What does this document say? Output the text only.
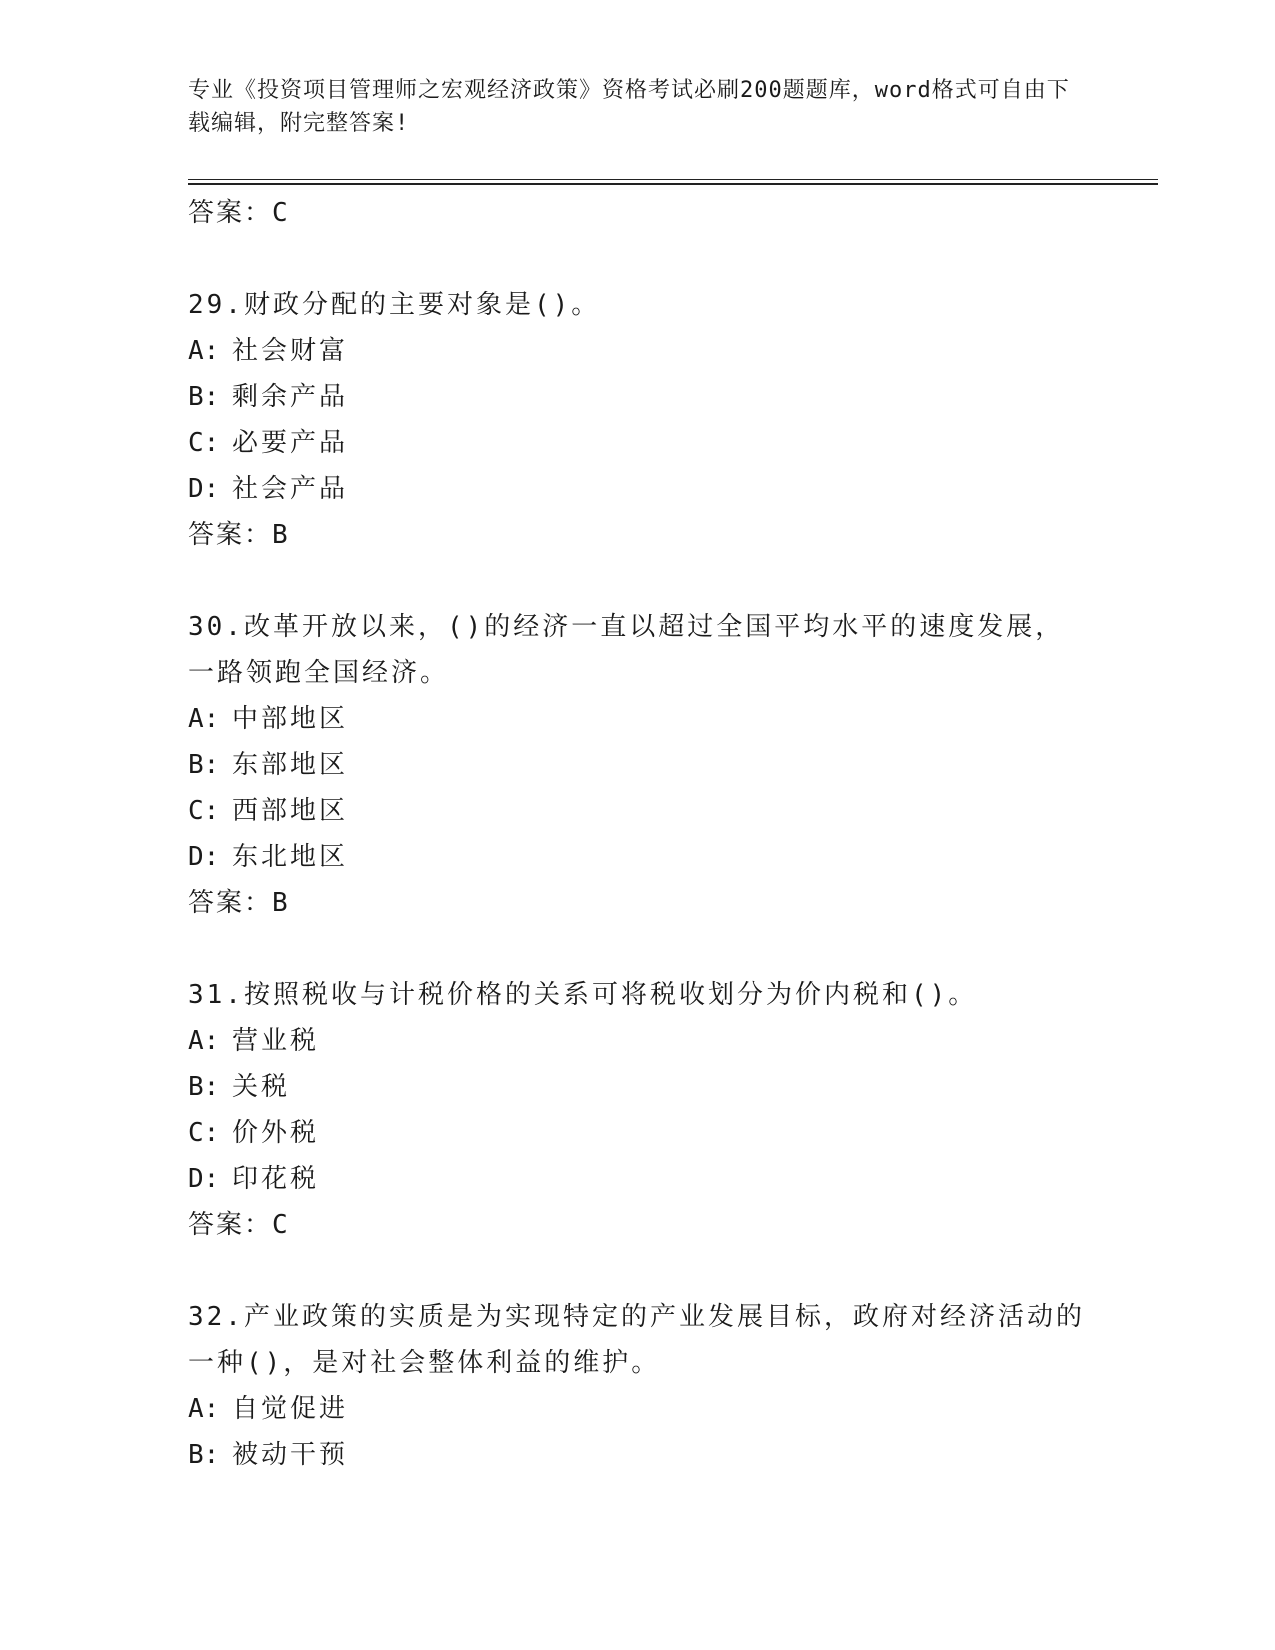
专业《投资项目管理师之宏观经济政策》资格考试必刷200题题库，word格式可自由下载编辑，附完整答案!

答案：C

29.财政分配的主要对象是()。

A: 社会财富

B: 剩余产品

C: 必要产品

D: 社会产品

答案：B

30.改革开放以来，()的经济一直以超过全国平均水平的速度发展，一路领跑全国经济。

A: 中部地区

B: 东部地区

C: 西部地区

D: 东北地区

答案：B

31.按照税收与计税价格的关系可将税收划分为价内税和()。

A: 营业税

B: 关税

C: 价外税

D: 印花税

答案：C

32.产业政策的实质是为实现特定的产业发展目标，政府对经济活动的一种()，是对社会整体利益的维护。

A: 自觉促进

B: 被动干预
